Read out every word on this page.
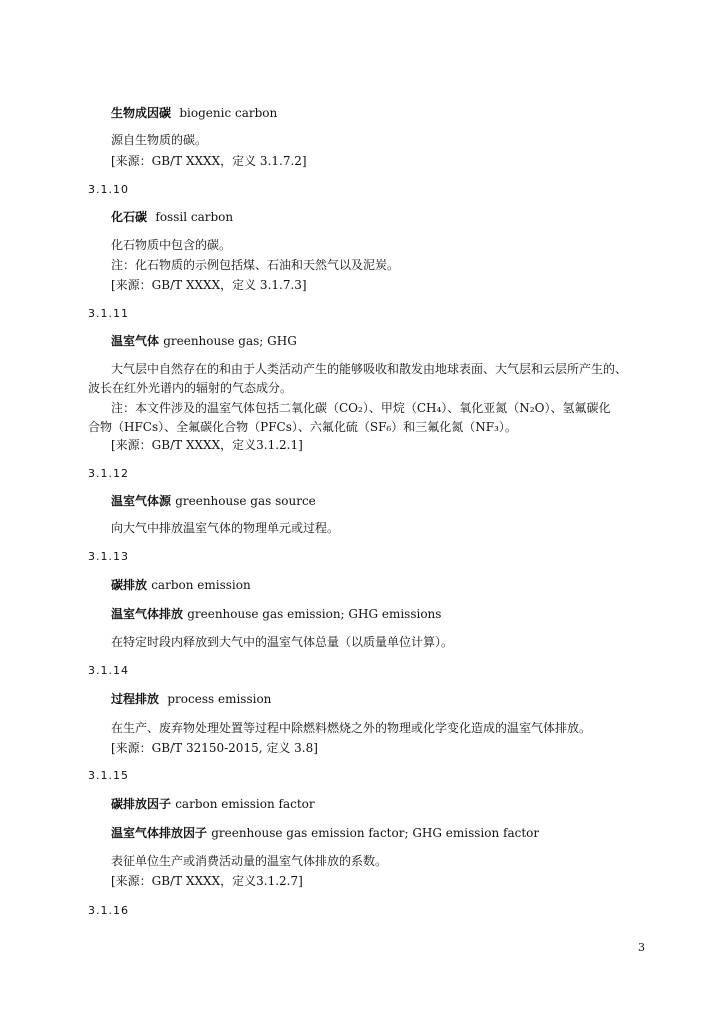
生物成因碳 biogenic carbon
源自生物质的碳。
[来源：GB/T XXXX，定义 3.1.7.2]
3.1.10
化石碳 fossil carbon
化石物质中包含的碳。
注：化石物质的示例包括煤、石油和天然气以及泥炭。
[来源：GB/T XXXX，定义 3.1.7.3]
3.1.11
温室气体 greenhouse gas; GHG
大气层中自然存在的和由于人类活动产生的能够吸收和散发由地球表面、大气层和云层所产生的、
波长在红外光谱内的辐射的气态成分。
注：本文件涉及的温室气体包括二氧化碳（CO₂）、甲烷（CH₄）、氧化亚氮（N₂O）、氢氟碳化
合物（HFCs）、全氟碳化合物（PFCs）、六氟化硫（SF₆）和三氟化氮（NF₃）。
[来源：GB/T XXXX，定义3.1.2.1]
3.1.12
温室气体源 greenhouse gas source
向大气中排放温室气体的物理单元或过程。
3.1.13
碳排放 carbon emission
温室气体排放 greenhouse gas emission; GHG emissions
在特定时段内释放到大气中的温室气体总量（以质量单位计算）。
3.1.14
过程排放 process emission
在生产、废弃物处理处置等过程中除燃料燃烧之外的物理或化学变化造成的温室气体排放。
[来源：GB/T 32150-2015, 定义 3.8]
3.1.15
碳排放因子 carbon emission factor
温室气体排放因子 greenhouse gas emission factor; GHG emission factor
表征单位生产或消费活动量的温室气体排放的系数。
[来源：GB/T XXXX，定义3.1.2.7]
3.1.16
3
